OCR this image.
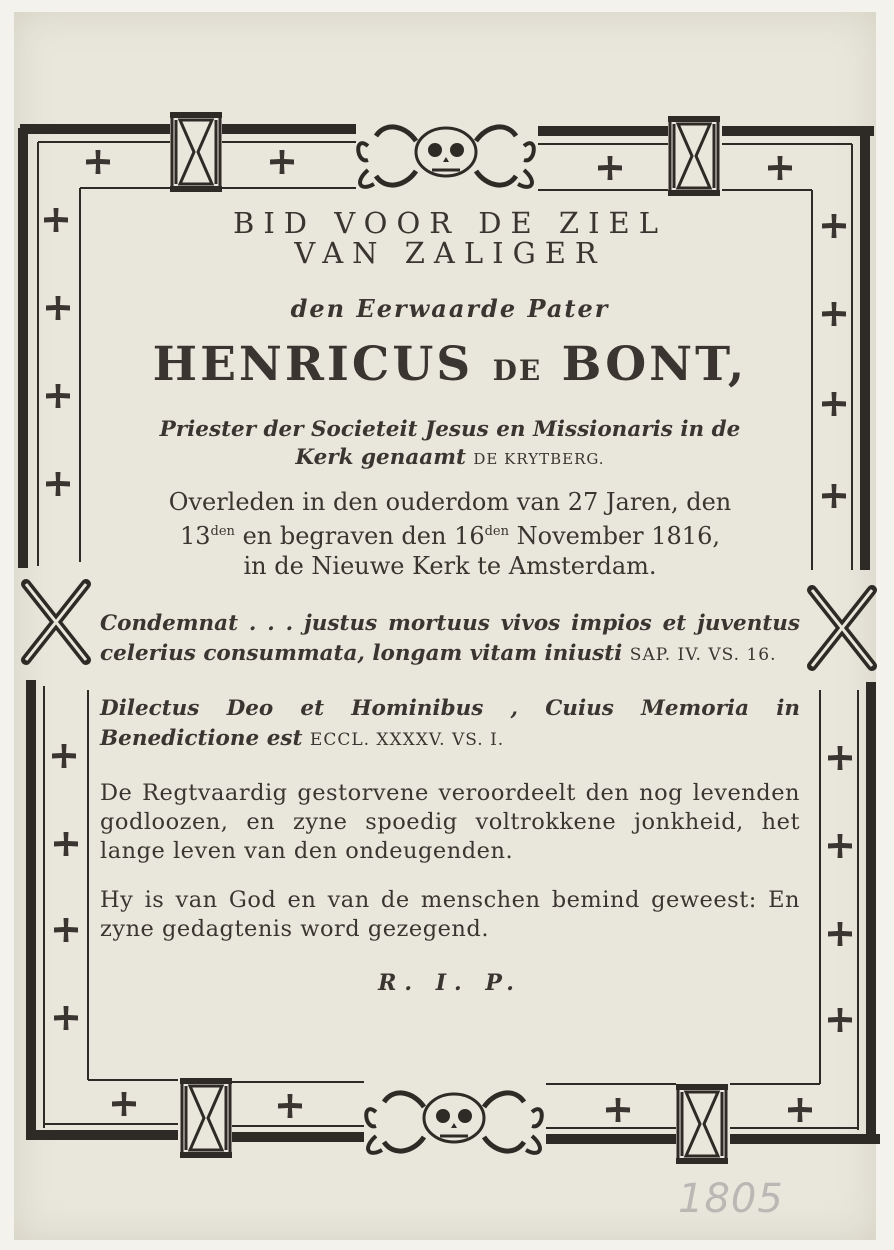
BID VOOR DE ZIEL

VAN ZALIGER

den Eerwaarde Pater
HENRICUS DE BONT,
Priester der Societeit Jesus en Missionaris in de
Kerk genaamt DE KRYTBERG.
Overleden in den ouderdom van 27 Jaren, den
$13^{den}$ en begraven den $16^{den}$ November 1816,
in de Nieuwe Kerk te Amsterdam.
Condemnat . . . justus mortuus vivos impios et juventus celerius consummata, longam vitam iniusti SAP. IV. VS. 16.
Dilectus Deo et Hominibus , Cuius Memoria in Benedictione est ECCL. XXXXV. VS. I.
De Regtvaardig gestorvene veroordeelt den nog levenden godloozen, en zyne spoedig voltrokkene jonkheid, het lange leven van den ondeugenden.
Hy is van God en van de menschen bemind geweest: En zyne gedagtenis word gezegend.
R. I. P.
1805
